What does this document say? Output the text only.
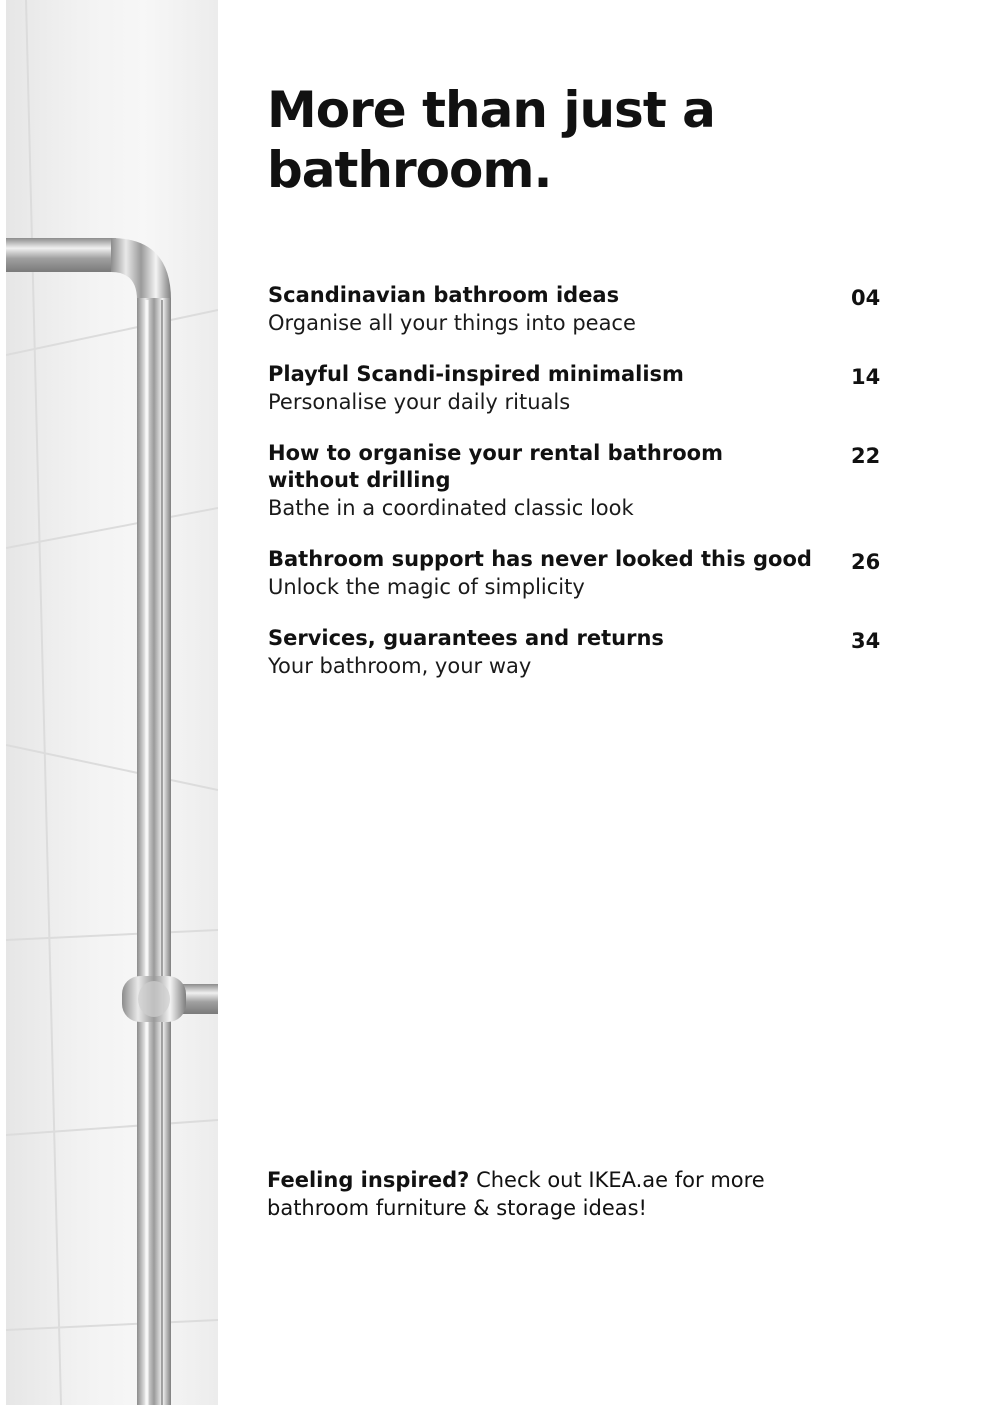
More than just a bathroom.
Scandinavian bathroom ideas
Organise all your things into peace
04
Playful Scandi-inspired minimalism
Personalise your daily rituals
14
How to organise your rental bathroom without drilling
Bathe in a coordinated classic look
22
Bathroom support has never looked this good
Unlock the magic of simplicity
26
Services, guarantees and returns
Your bathroom, your way
34

Feeling inspired? Check out IKEA.ae for more bathroom furniture & storage ideas!
